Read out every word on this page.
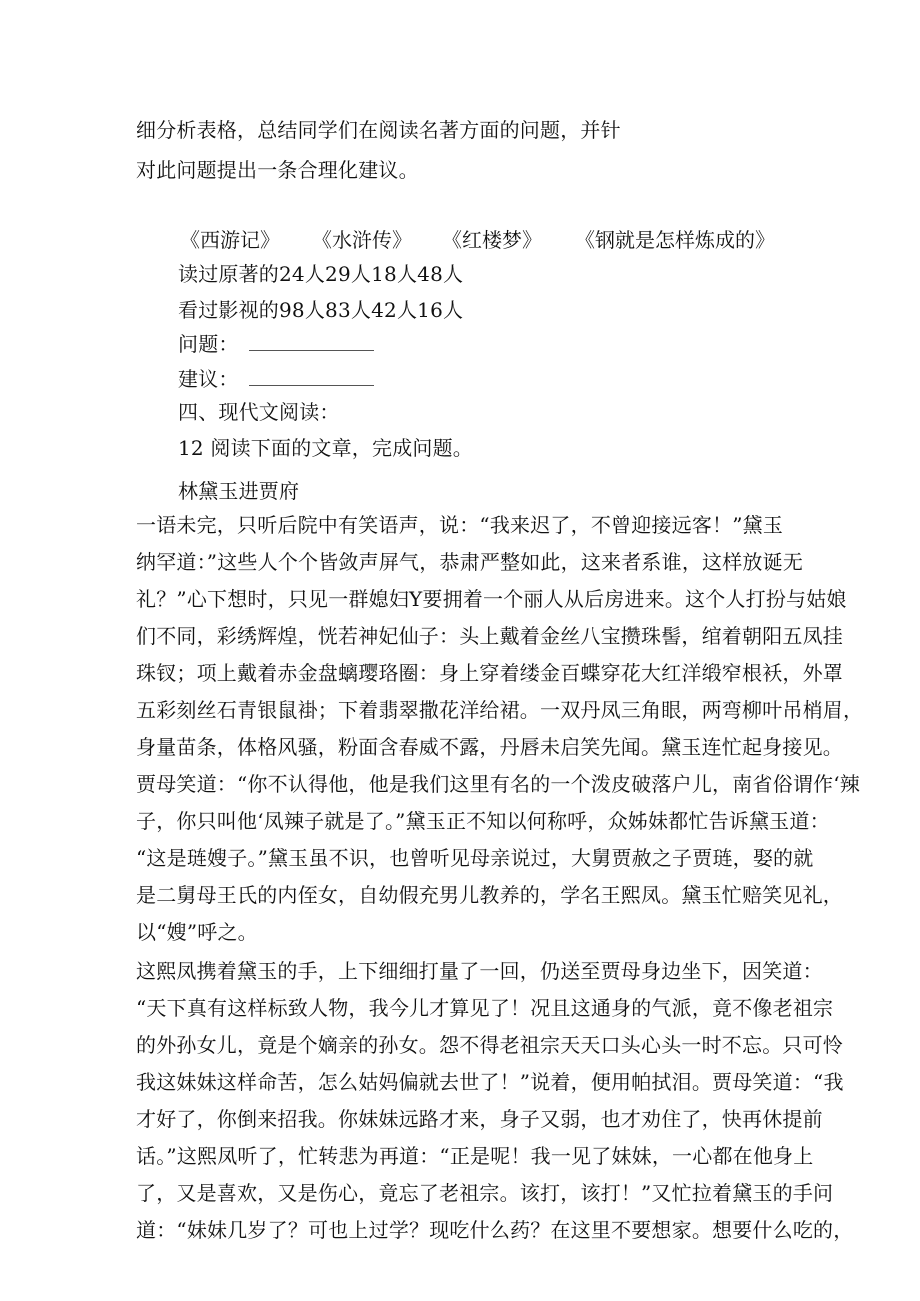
细分析表格，总结同学们在阅读名著方面的问题，并针
对此问题提出一条合理化建议。
《西游记》 《水浒传》 《红楼梦》 《钢就是怎样炼成的》
读过原著的24人29人18人48人
看过影视的98人83人42人16人
问题：
建议：
四、现代文阅读：
12 阅读下面的文章，完成问题。
林黛玉进贾府
一语未完，只听后院中有笑语声，说：“我来迟了，不曾迎接远客！”黛玉
纳罕道：”这些人个个皆敛声屏气，恭肃严整如此，这来者系谁，这样放诞无
礼？”心下想时，只见一群媳妇Y要拥着一个丽人从后房进来。这个人打扮与姑娘
们不同，彩绣辉煌，恍若神妃仙子：头上戴着金丝八宝攒珠髻，绾着朝阳五凤挂
珠钗；项上戴着赤金盘螭璎珞圈：身上穿着缕金百蝶穿花大红洋缎窄根袄，外罩
五彩刻丝石青银鼠褂；下着翡翠撒花洋给裙。一双丹凤三角眼，两弯柳叶吊梢眉，
身量苗条，体格风骚，粉面含春威不露，丹唇未启笑先闻。黛玉连忙起身接见。
贾母笑道：“你不认得他，他是我们这里有名的一个泼皮破落户儿，南省俗谓作‘辣
子，你只叫他‘凤辣子就是了。”黛玉正不知以何称呼，众姊妹都忙告诉黛玉道：
“这是琏嫂子。”黛玉虽不识，也曾听见母亲说过，大舅贾赦之子贾琏，娶的就
是二舅母王氏的内侄女，自幼假充男儿教养的，学名王熙凤。黛玉忙赔笑见礼，
以“嫂”呼之。
这熙凤携着黛玉的手，上下细细打量了一回，仍送至贾母身边坐下，因笑道：
“天下真有这样标致人物，我今儿才算见了！况且这通身的气派，竟不像老祖宗
的外孙女儿，竟是个嫡亲的孙女。怨不得老祖宗天天口头心头一时不忘。只可怜
我这妹妹这样命苦，怎么姑妈偏就去世了！”说着，便用帕拭泪。贾母笑道：“我
才好了，你倒来招我。你妹妹远路才来，身子又弱，也才劝住了，快再休提前
话。”这熙凤听了，忙转悲为再道：“正是呢！我一见了妹妹，一心都在他身上
了，又是喜欢，又是伤心，竟忘了老祖宗。该打，该打！”又忙拉着黛玉的手问
道：“妹妹几岁了？可也上过学？现吃什么药？在这里不要想家。想要什么吃的，
